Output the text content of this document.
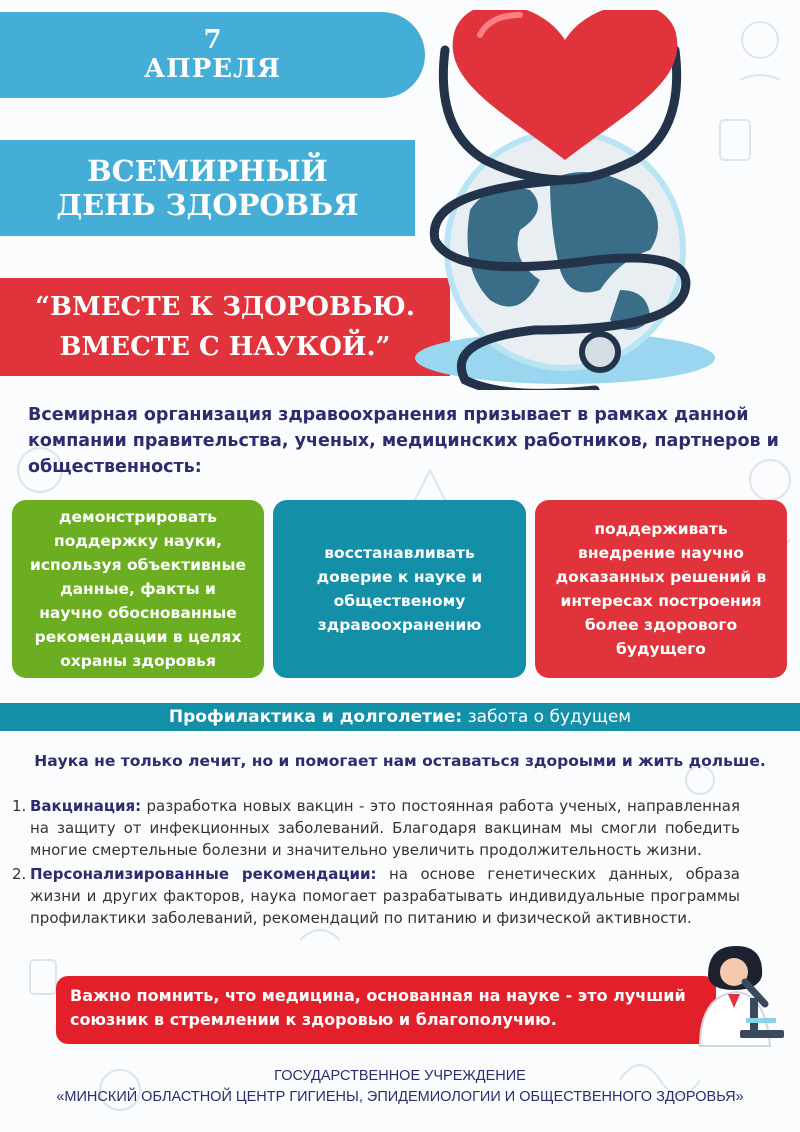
7
АПРЕЛЯ
ВСЕМИРНЫЙ
ДЕНЬ ЗДОРОВЬЯ
“ВМЕСТЕ К ЗДОРОВЬЮ.
ВМЕСТЕ С НАУКОЙ.”
Всемирная организация здравоохранения призывает в рамках данной компании правительства, ученых, медицинских работников, партнеров и общественность:
демонстрировать поддержку науки, используя объективные данные, факты и научно обоснованные рекомендации в целях охраны здоровья
восстанавливать доверие к науке и общественому здравоохранению
поддерживать внедрение научно доказанных решений в интересах построения более здорового будущего
Профилактика и долголетие: забота о будущем
Наука не только лечит, но и помогает нам оставаться здороыми и жить дольше.
1. Вакцинация: разработка новых вакцин - это постоянная работа ученых, направленная на защиту от инфекционных заболеваний. Благодаря вакцинам мы смогли победить многие смертельные болезни и значительно увеличить продолжительность жизни.
2. Персонализированные рекомендации: на основе генетических данных, образа жизни и других факторов, наука помогает разрабатывать индивидуальные программы профилактики заболеваний, рекомендаций по питанию и физической активности.
Важно помнить, что медицина, основанная на науке - это лучший союзник в стремлении к здоровью и благополучию.
ГОСУДАРСТВЕННОЕ УЧРЕЖДЕНИЕ
«МИНСКИЙ ОБЛАСТНОЙ ЦЕНТР ГИГИЕНЫ, ЭПИДЕМИОЛОГИИ И ОБЩЕСТВЕННОГО ЗДОРОВЬЯ»
